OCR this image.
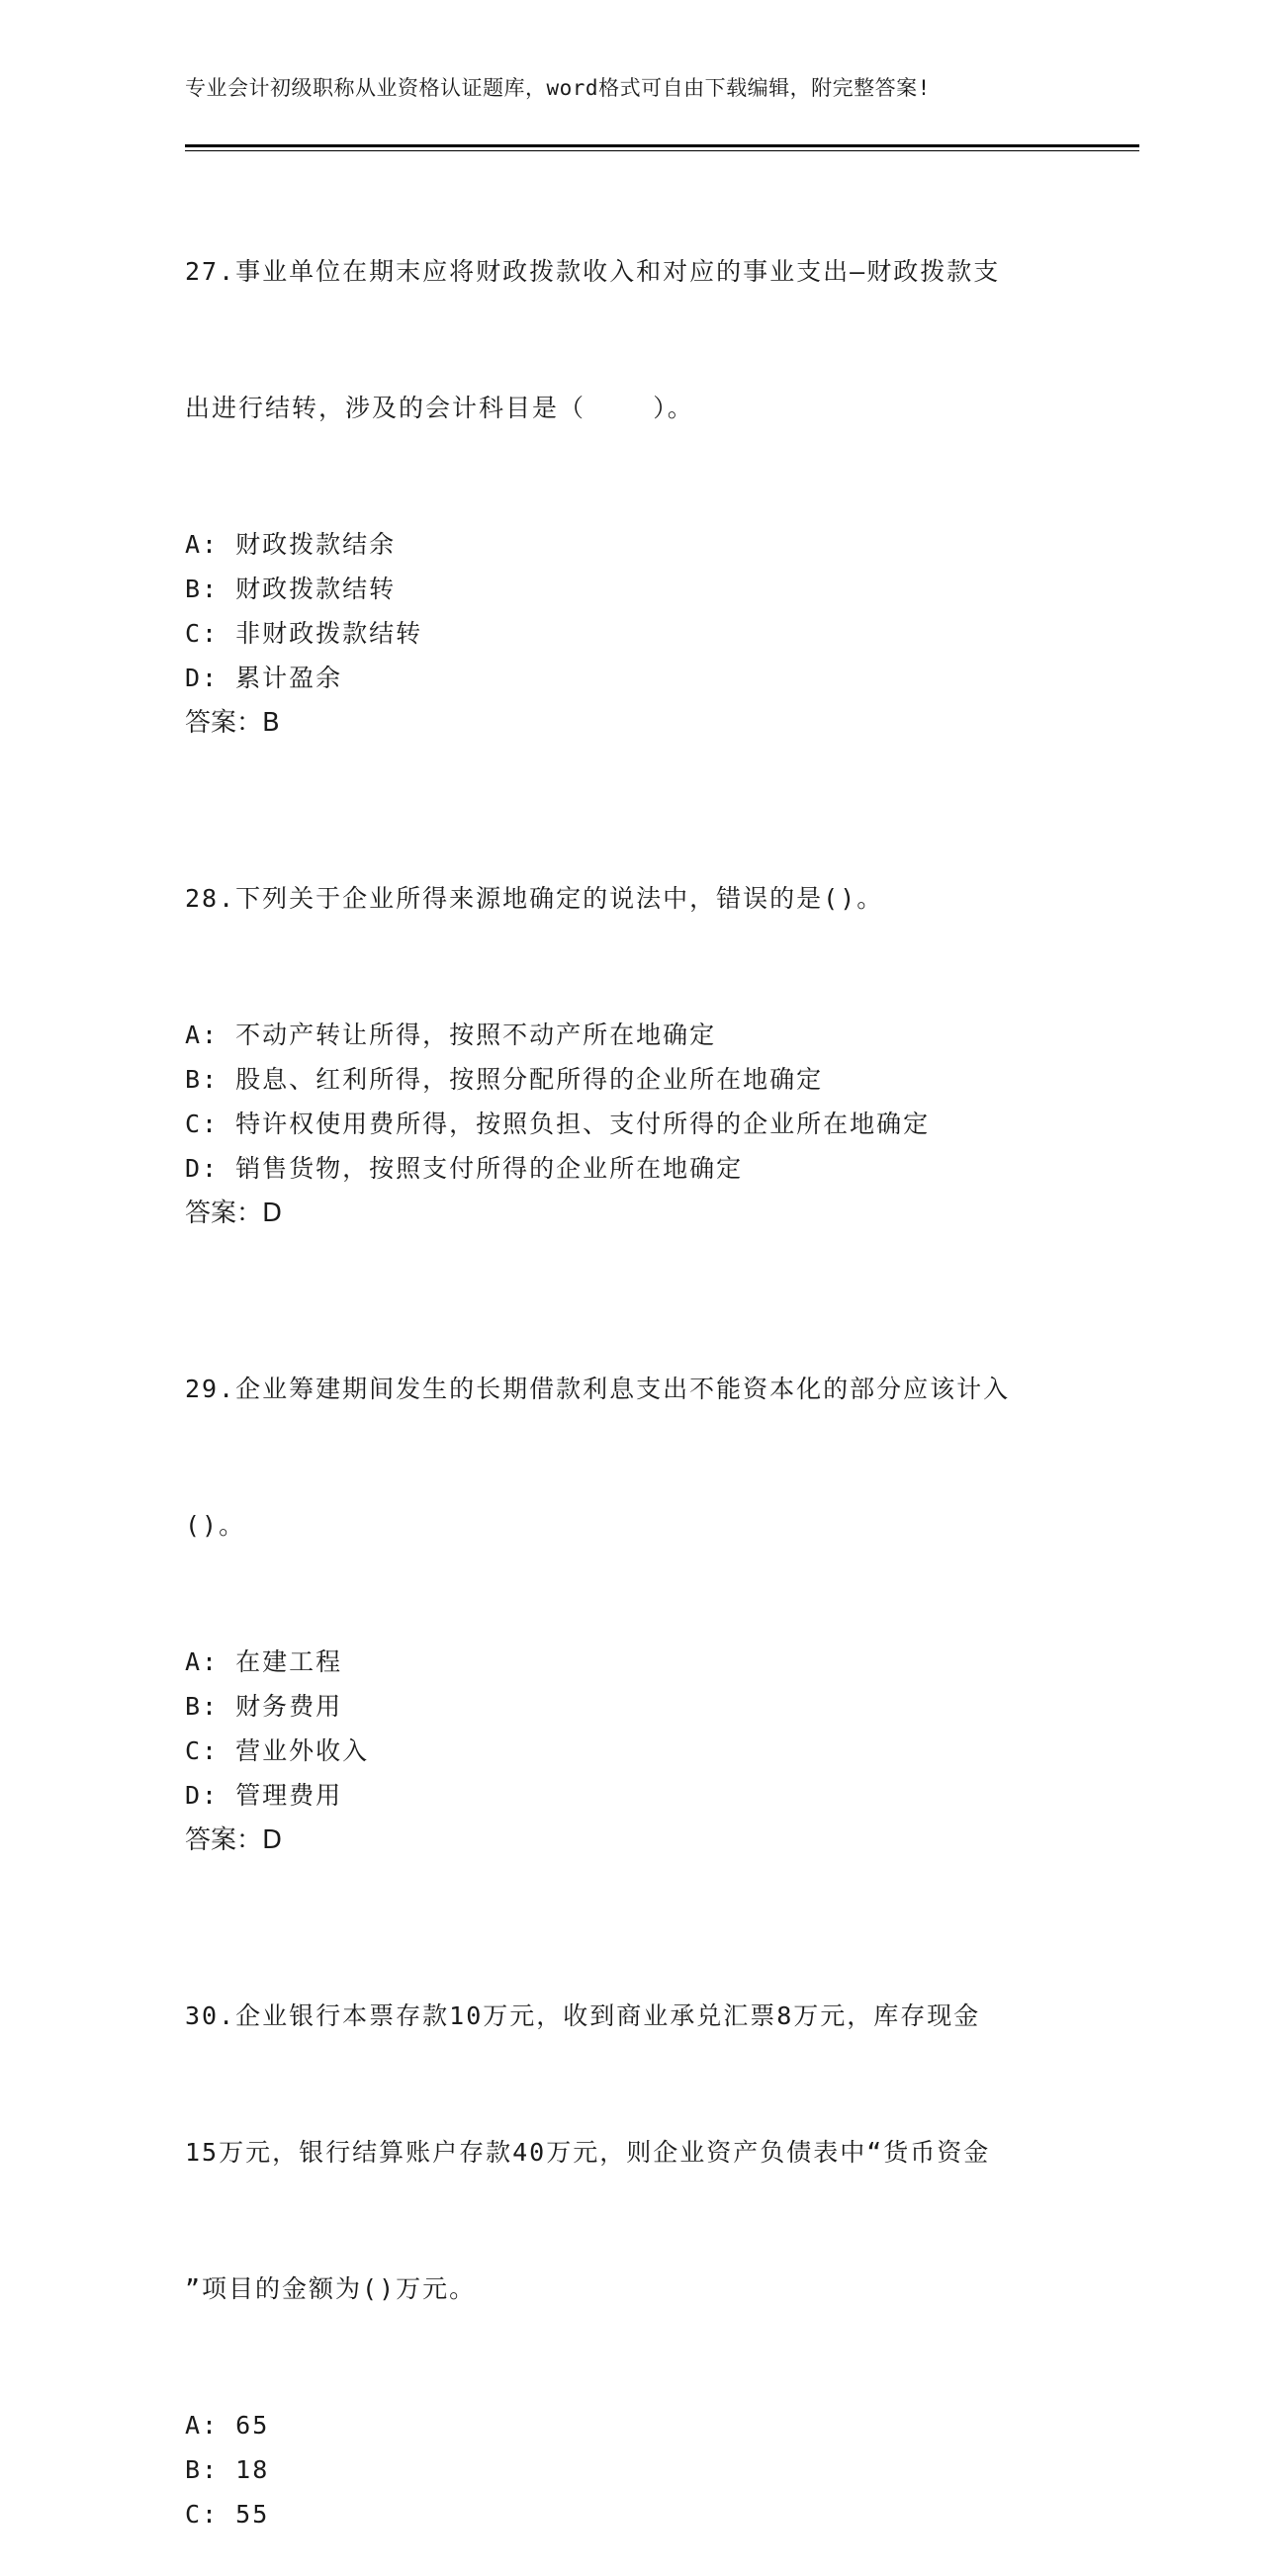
专业会计初级职称从业资格认证题库，word格式可自由下载编辑，附完整答案!

27.事业单位在期末应将财政拨款收入和对应的事业支出—财政拨款支

出进行结转，涉及的会计科目是（    ）。

A: 财政拨款结余
B: 财政拨款结转
C: 非财政拨款结转
D: 累计盈余
答案：B

28.下列关于企业所得来源地确定的说法中，错误的是()。

A: 不动产转让所得，按照不动产所在地确定
B: 股息、红利所得，按照分配所得的企业所在地确定
C: 特许权使用费所得，按照负担、支付所得的企业所在地确定
D: 销售货物，按照支付所得的企业所在地确定
答案：D

29.企业筹建期间发生的长期借款利息支出不能资本化的部分应该计入

()。

A: 在建工程
B: 财务费用
C: 营业外收入
D: 管理费用
答案：D

30.企业银行本票存款10万元，收到商业承兑汇票8万元，库存现金

15万元，银行结算账户存款40万元，则企业资产负债表中“货币资金

”项目的金额为()万元。

A: 65
B: 18
C: 55
